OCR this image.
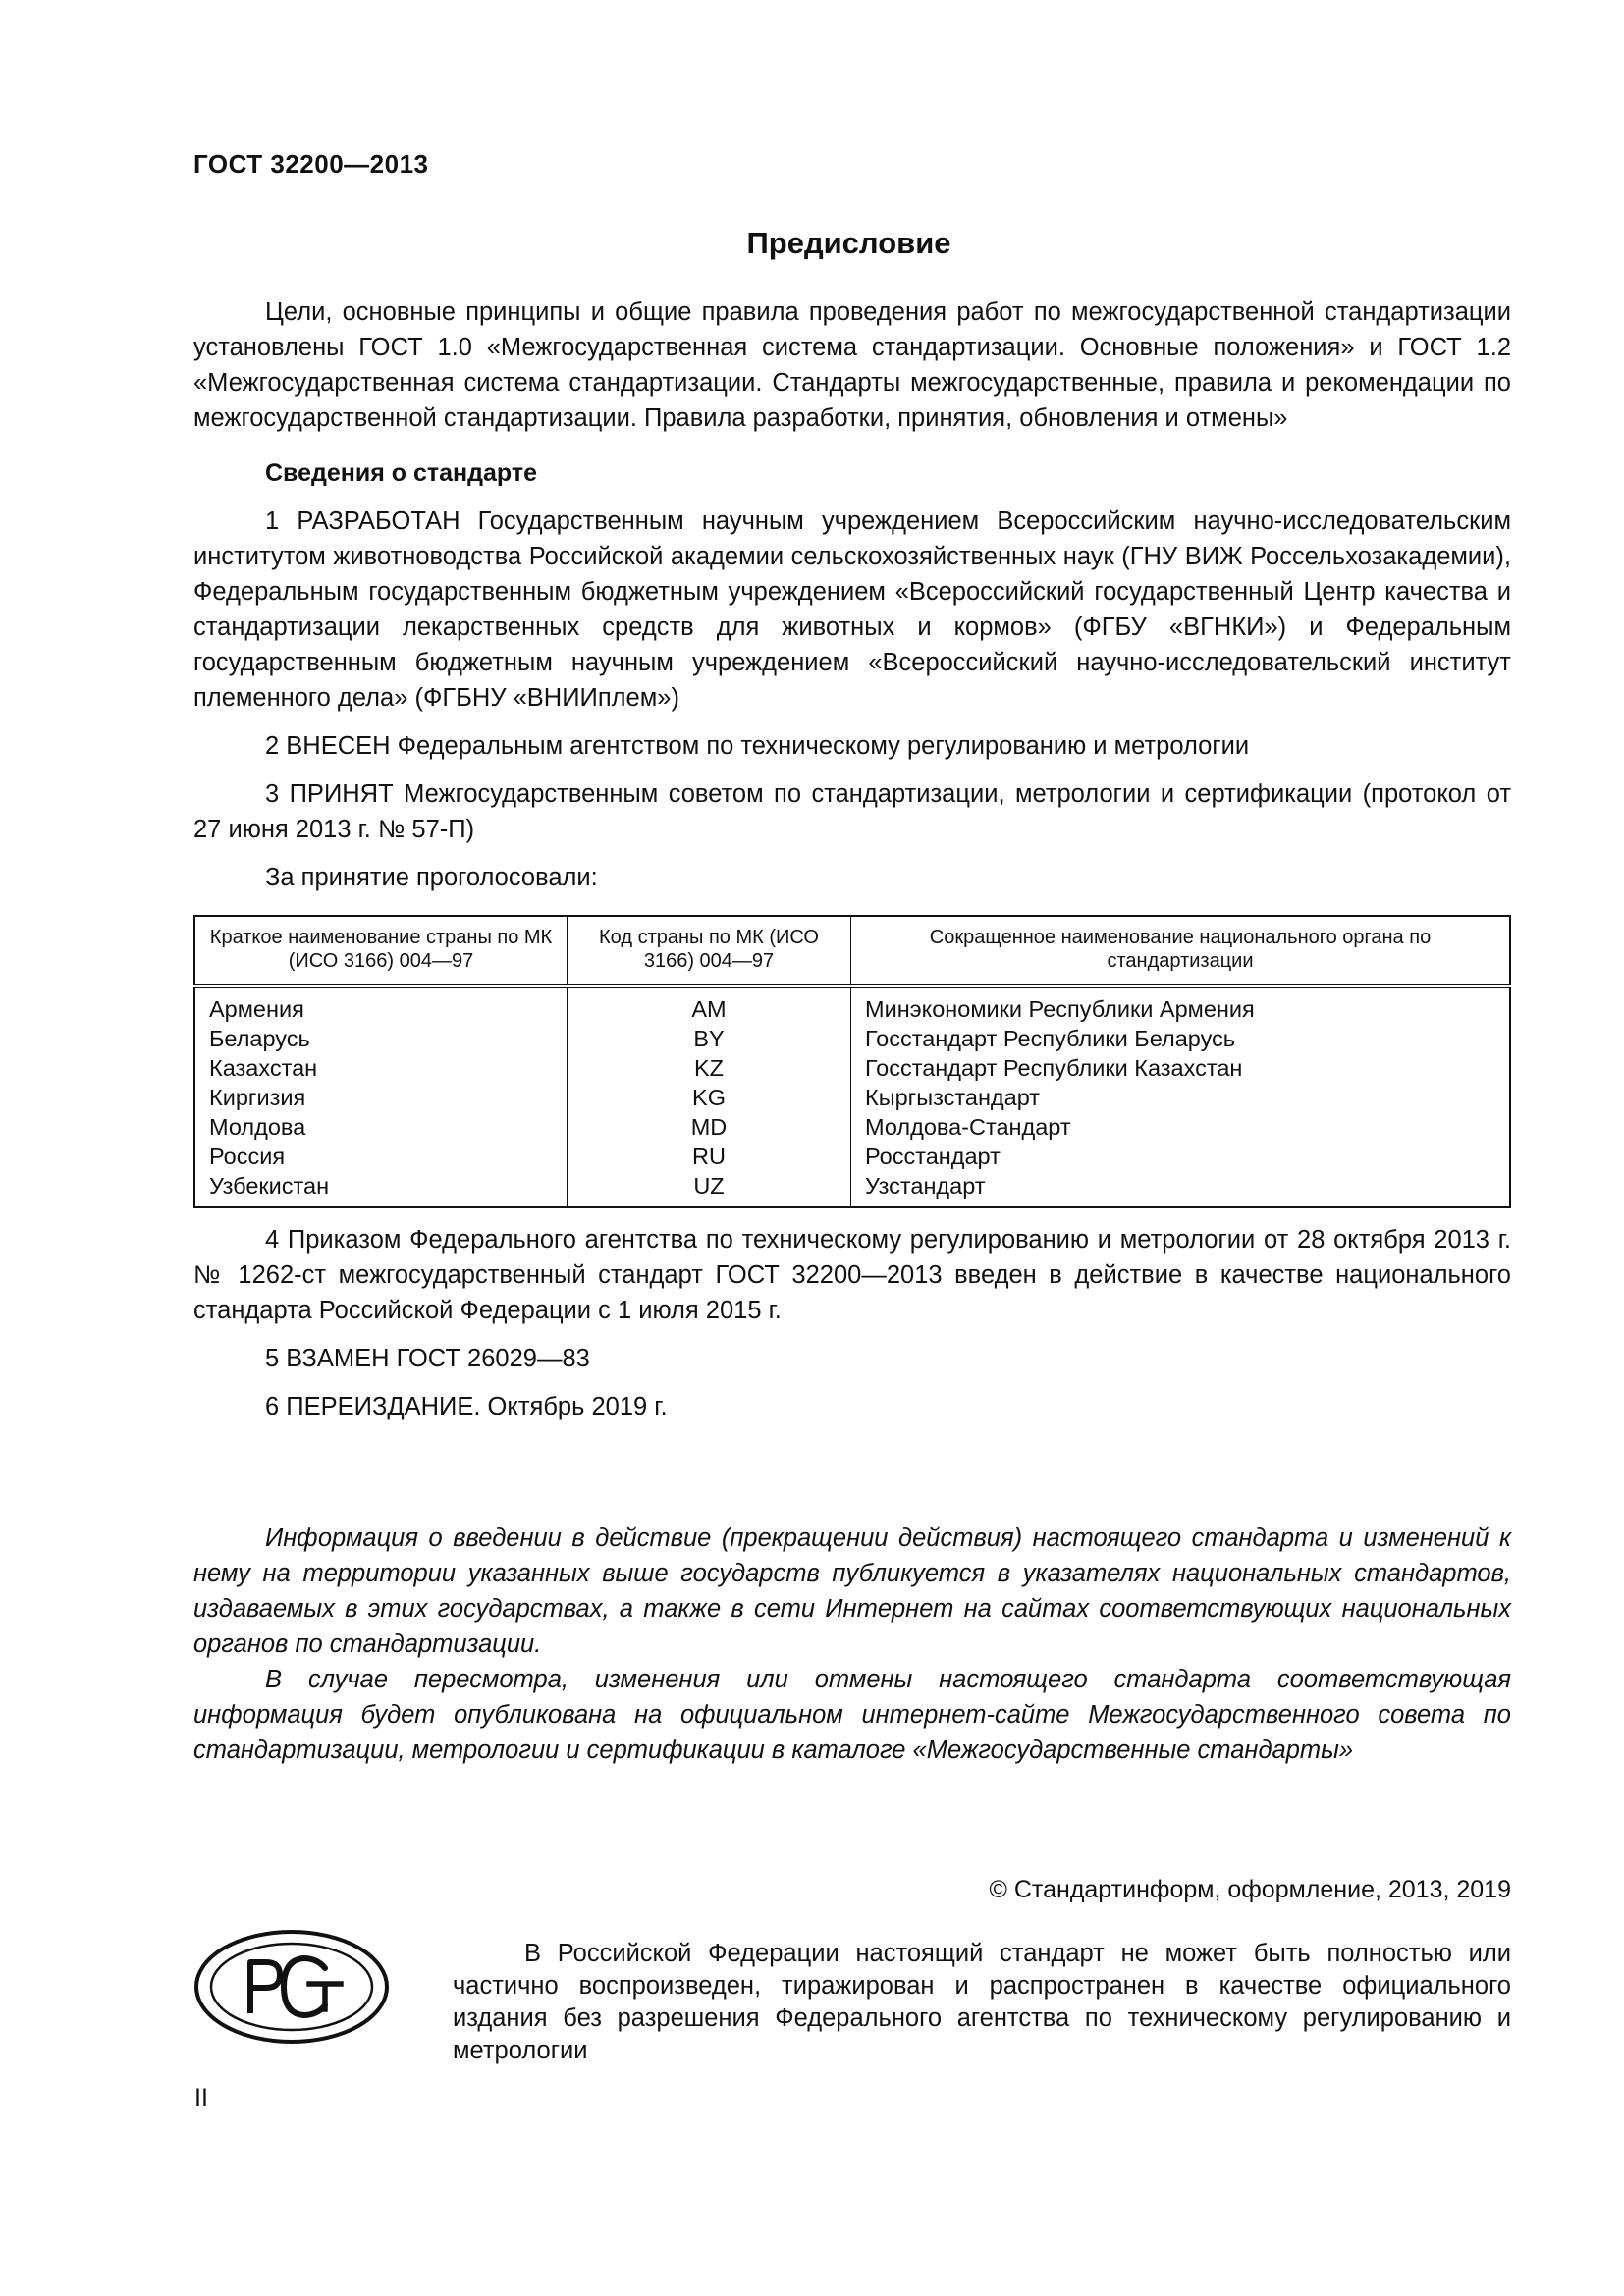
ГОСТ 32200—2013
Предисловие

Цели, основные принципы и общие правила проведения работ по межгосударственной стандартизации установлены ГОСТ 1.0 «Межгосударственная система стандартизации. Основные положения» и ГОСТ 1.2 «Межгосударственная система стандартизации. Стандарты межгосударственные, правила и рекомендации по межгосударственной стандартизации. Правила разработки, принятия, обновления и отмены»

Сведения о стандарте

1 РАЗРАБОТАН Государственным научным учреждением Всероссийским научно-исследовательским институтом животноводства Российской академии сельскохозяйственных наук (ГНУ ВИЖ Россельхозакадемии), Федеральным государственным бюджетным учреждением «Всероссийский государственный Центр качества и стандартизации лекарственных средств для животных и кормов» (ФГБУ «ВГНКИ») и Федеральным государственным бюджетным научным учреждением «Всероссийский научно-исследовательский институт племенного дела» (ФГБНУ «ВНИИплем»)

2 ВНЕСЕН Федеральным агентством по техническому регулированию и метрологии

3 ПРИНЯТ Межгосударственным советом по стандартизации, метрологии и сертификации (протокол от 27 июня 2013 г. № 57-П)

За принятие проголосовали:

Краткое наименование страны по МК (ИСО 3166) 004—97	Код страны по МК (ИСО 3166) 004—97	Сокращенное наименование национального органа по стандартизации
Армения	AM	Минэкономики Республики Армения
Беларусь	BY	Госстандарт Республики Беларусь
Казахстан	KZ	Госстандарт Республики Казахстан
Киргизия	KG	Кыргызстандарт
Молдова	MD	Молдова-Стандарт
Россия	RU	Росстандарт
Узбекистан	UZ	Узстандарт

4 Приказом Федерального агентства по техническому регулированию и метрологии от 28 октября 2013 г. № 1262-ст межгосударственный стандарт ГОСТ 32200—2013 введен в действие в качестве национального стандарта Российской Федерации с 1 июля 2015 г.

5 ВЗАМЕН ГОСТ 26029—83

6 ПЕРЕИЗДАНИЕ. Октябрь 2019 г.

Информация о введении в действие (прекращении действия) настоящего стандарта и изменений к нему на территории указанных выше государств публикуется в указателях национальных стандартов, издаваемых в этих государствах, а также в сети Интернет на сайтах соответствующих национальных органов по стандартизации.

В случае пересмотра, изменения или отмены настоящего стандарта соответствующая информация будет опубликована на официальном интернет-сайте Межгосударственного совета по стандартизации, метрологии и сертификации в каталоге «Межгосударственные стандарты»

© Стандартинформ, оформление, 2013, 2019

В Российской Федерации настоящий стандарт не может быть полностью или частично воспроизведен, тиражирован и распространен в качестве официального издания без разрешения Федерального агентства по техническому регулированию и метрологии

II
